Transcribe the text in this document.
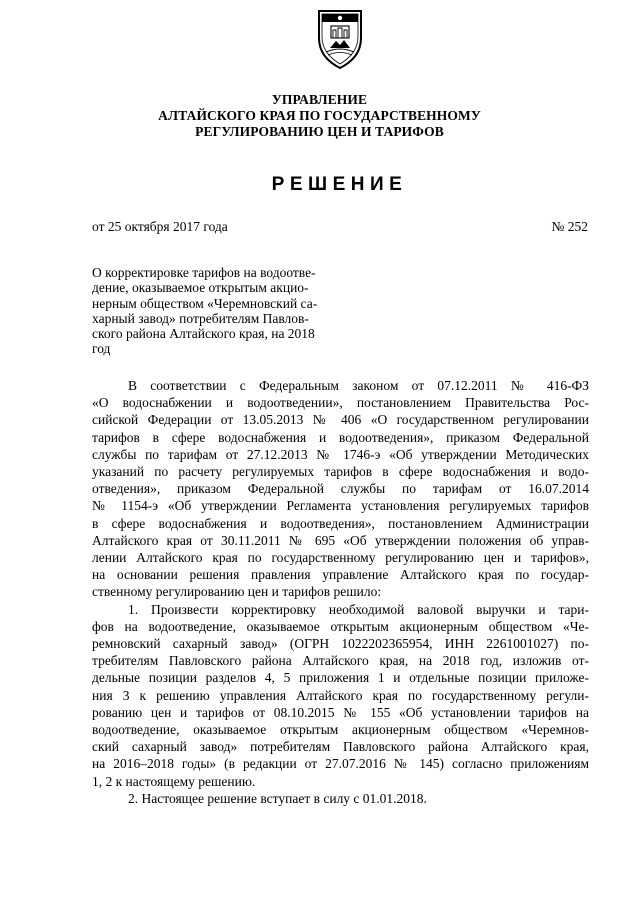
УПРАВЛЕНИЕ
АЛТАЙСКОГО КРАЯ ПО ГОСУДАРСТВЕННОМУ
РЕГУЛИРОВАНИЮ ЦЕН И ТАРИФОВ
РЕШЕНИЕ
от 25 октября 2017 года	№ 252
О корректировке тарифов на водоотве-
дение, оказываемое открытым акцио-
нерным обществом «Черемновский са-
харный завод» потребителям Павлов-
ского района Алтайского края, на 2018
год
В соответствии с Федеральным законом от 07.12.2011 № 416-ФЗ
«О водоснабжении и водоотведении», постановлением Правительства Рос-
сийской Федерации от 13.05.2013 № 406 «О государственном регулировании
тарифов в сфере водоснабжения и водоотведения», приказом Федеральной
службы по тарифам от 27.12.2013 № 1746-э «Об утверждении Методических
указаний по расчету регулируемых тарифов в сфере водоснабжения и водо-
отведения», приказом Федеральной службы по тарифам от 16.07.2014
№ 1154-э «Об утверждении Регламента установления регулируемых тарифов
в сфере водоснабжения и водоотведения», постановлением Администрации
Алтайского края от 30.11.2011 № 695 «Об утверждении положения об управ-
лении Алтайского края по государственному регулированию цен и тарифов»,
на основании решения правления управление Алтайского края по государ-
ственному регулированию цен и тарифов решило:
1. Произвести корректировку необходимой валовой выручки и тари-
фов на водоотведение, оказываемое открытым акционерным обществом «Че-
ремновский сахарный завод» (ОГРН 1022202365954, ИНН 2261001027) по-
требителям Павловского района Алтайского края, на 2018 год, изложив от-
дельные позиции разделов 4, 5 приложения 1 и отдельные позиции приложе-
ния 3 к решению управления Алтайского края по государственному регули-
рованию цен и тарифов от 08.10.2015 № 155 «Об установлении тарифов на
водоотведение, оказываемое открытым акционерным обществом «Черемнов-
ский сахарный завод» потребителям Павловского района Алтайского края,
на 2016–2018 годы» (в редакции от 27.07.2016 № 145) согласно приложениям
1, 2 к настоящему решению.
2. Настоящее решение вступает в силу с 01.01.2018.
